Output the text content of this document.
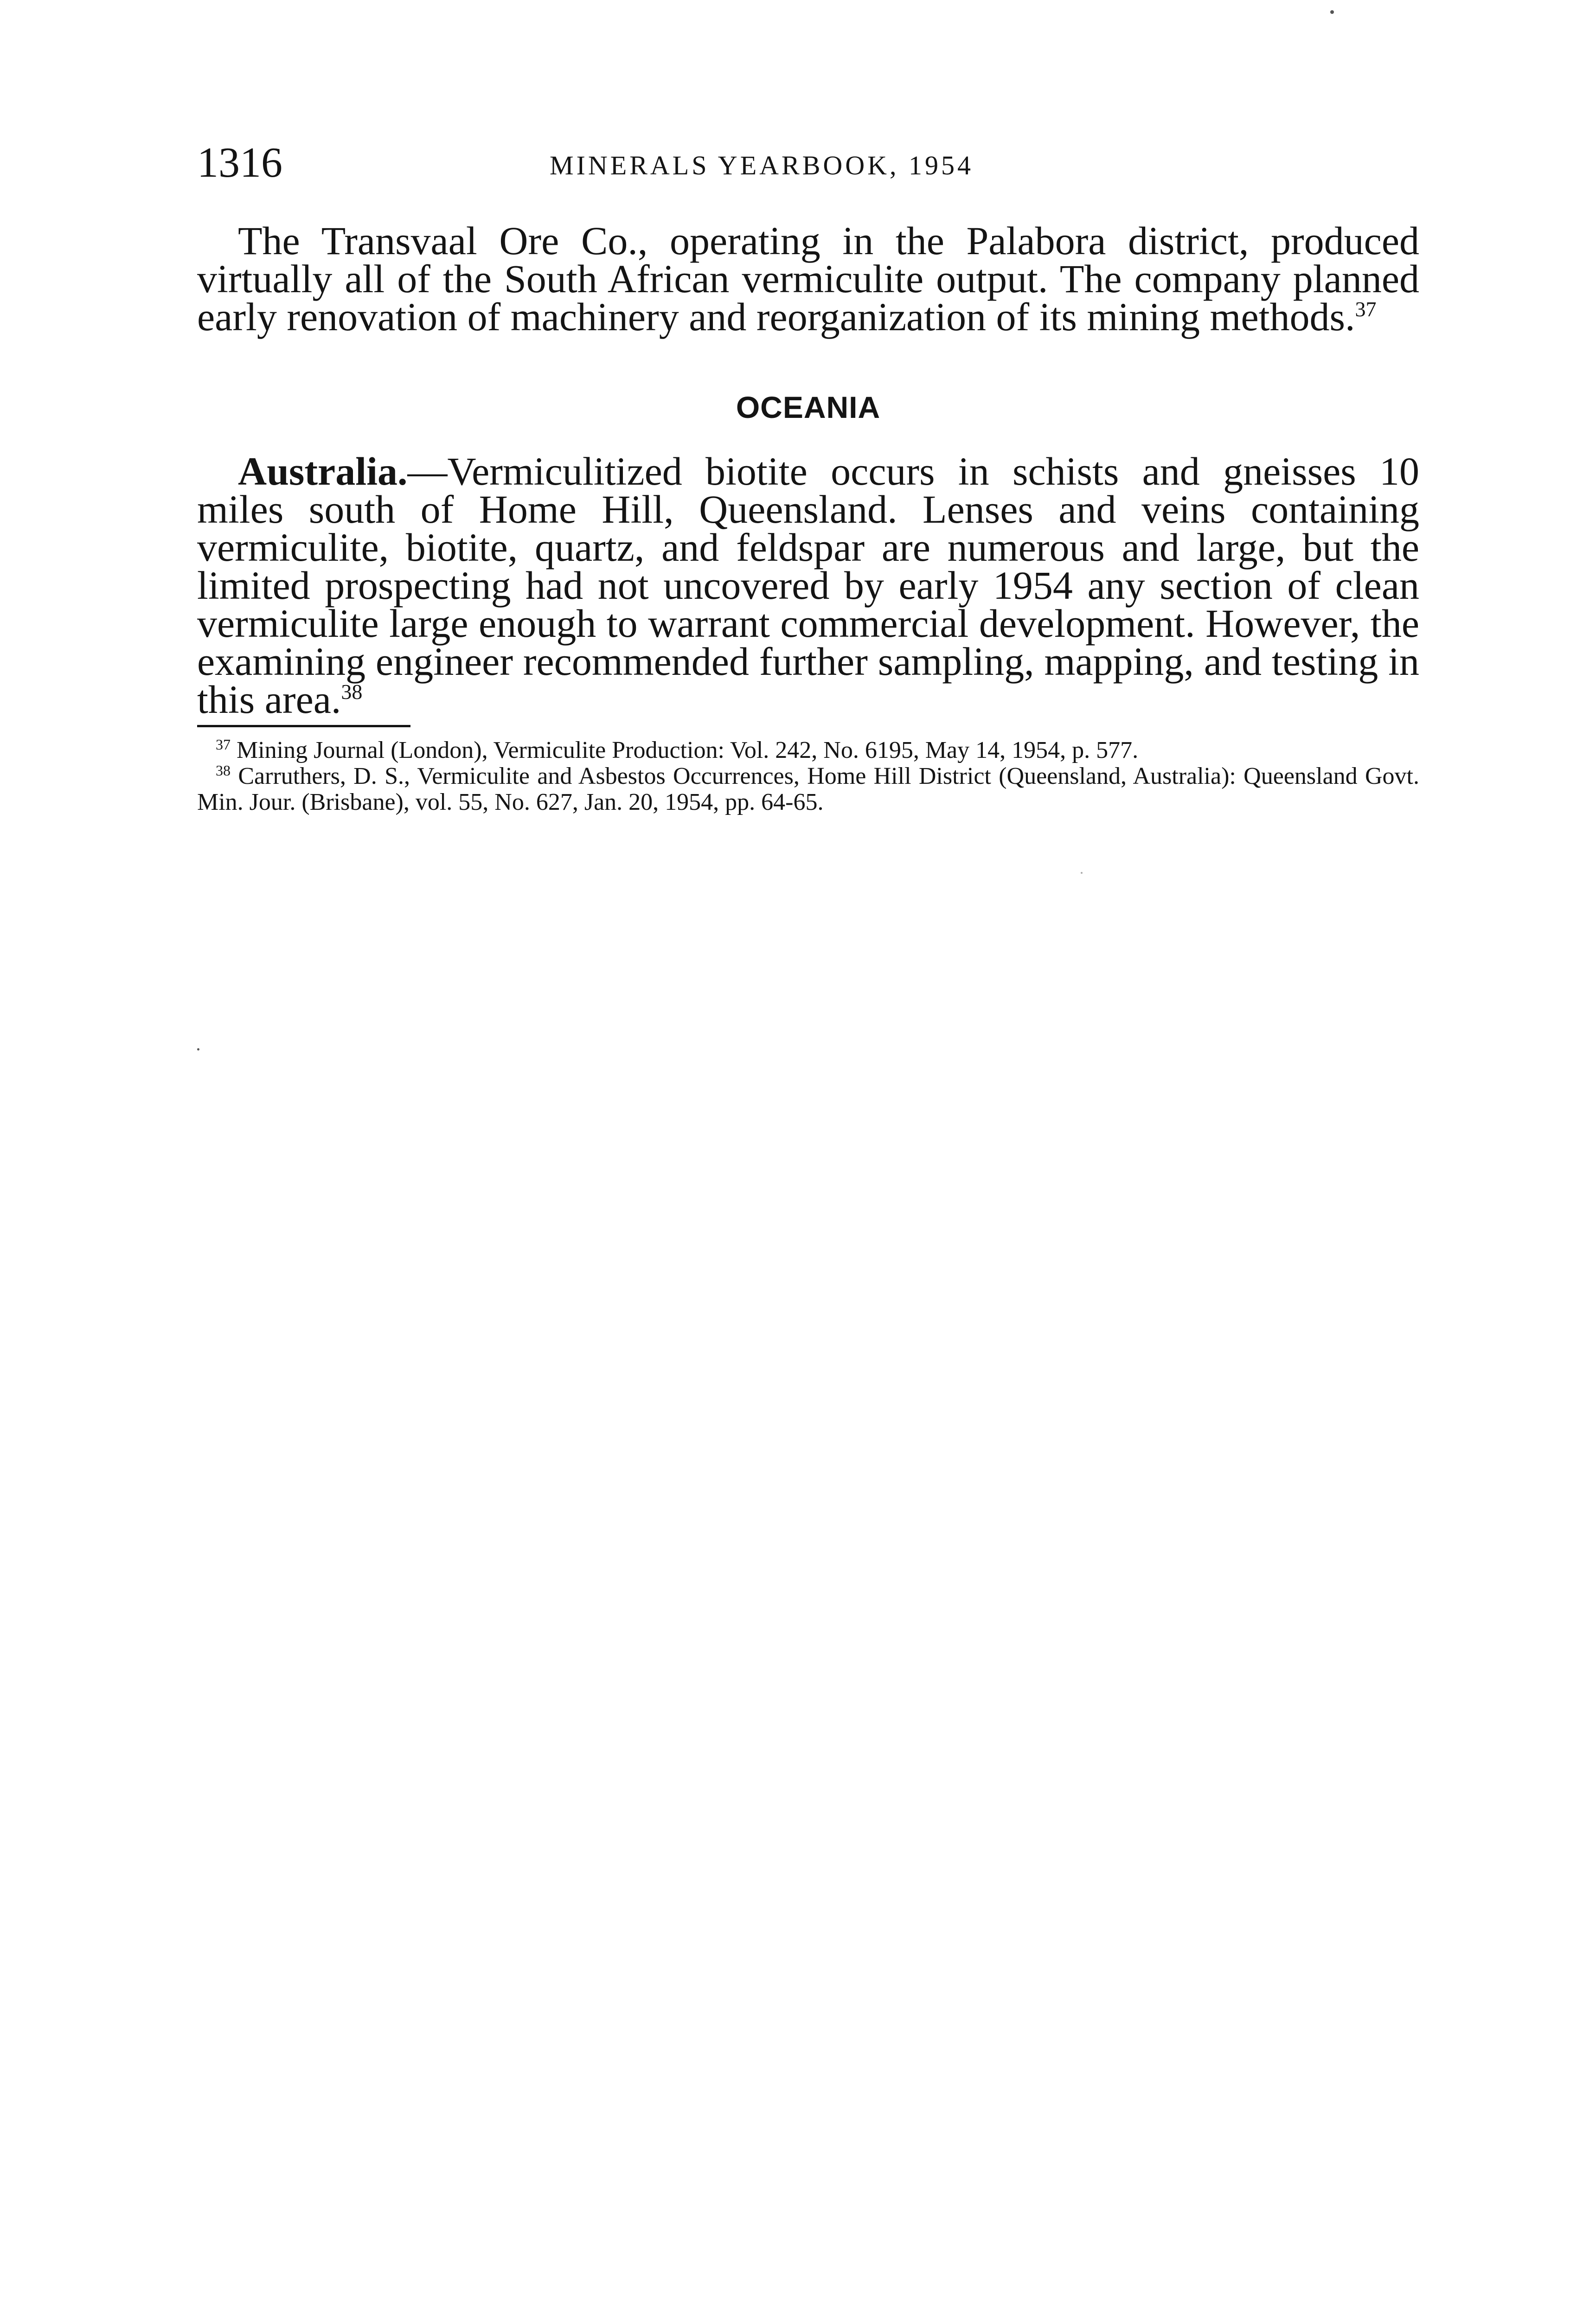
1316	MINERALS YEARBOOK, 1954

The Transvaal Ore Co., operating in the Palabora district, produced virtually all of the South African vermiculite output. The company planned early renovation of machinery and reorganization of its mining methods.$^{37}$

OCEANIA

Australia.—Vermiculitized biotite occurs in schists and gneisses 10 miles south of Home Hill, Queensland. Lenses and veins containing vermiculite, biotite, quartz, and feldspar are numerous and large, but the limited prospecting had not uncovered by early 1954 any section of clean vermiculite large enough to warrant commercial development. However, the examining engineer recommended further sampling, mapping, and testing in this area.$^{38}$

$^{37}$ Mining Journal (London), Vermiculite Production: Vol. 242, No. 6195, May 14, 1954, p. 577.

$^{38}$ Carruthers, D. S., Vermiculite and Asbestos Occurrences, Home Hill District (Queensland, Australia): Queensland Govt. Min. Jour. (Brisbane), vol. 55, No. 627, Jan. 20, 1954, pp. 64-65.
